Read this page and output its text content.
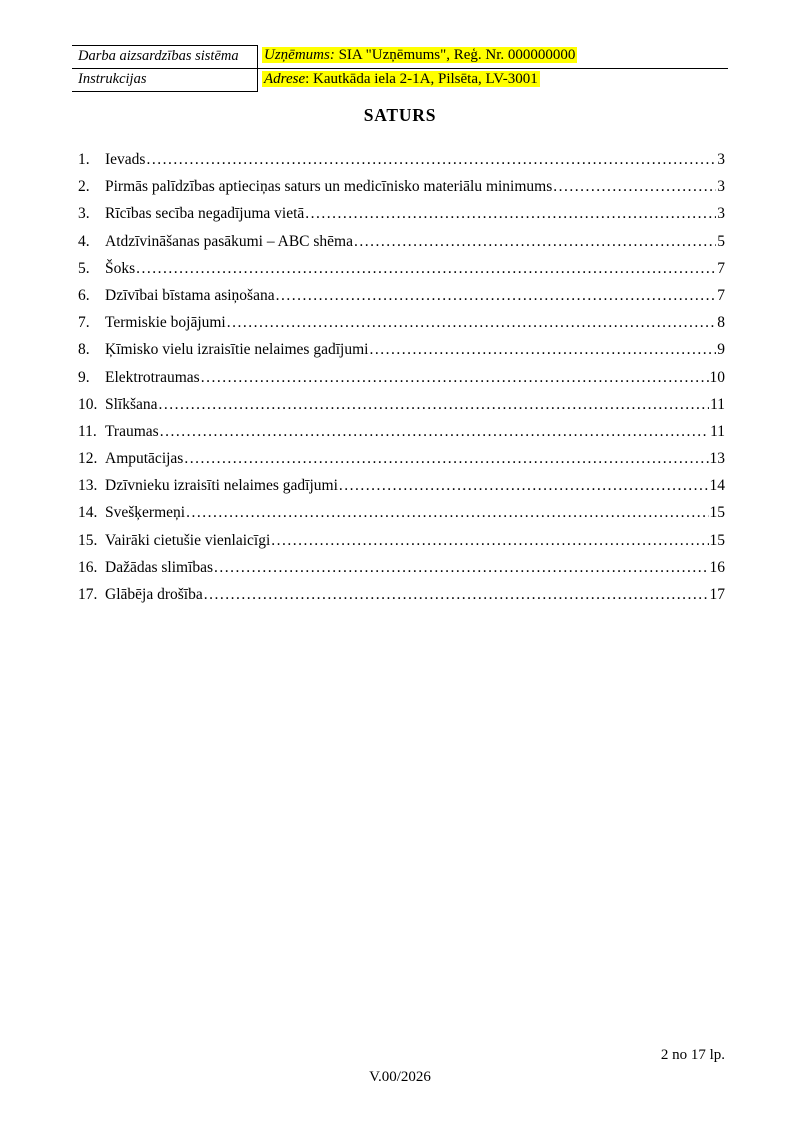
Darba aizsardzības sistēma	Uzņēmums: SIA "Uzņēmums", Reģ. Nr. 000000000
Instrukcijas	Adrese: Kautkāda iela 2-1A, Pilsēta, LV-3001
SATURS
1. Ievads .....	3
2. Pirmās palīdzības aptieciņas saturs un medicīnisko materiālu minimums .....	3
3. Rīcības secība negadījuma vietā .....	3
4. Atdzīvināšanas pasākumi – ABC shēma .....	5
5. Šoks .....	7
6. Dzīvībai bīstama asiņošana .....	7
7. Termiskie bojājumi .....	8
8. Ķīmisko vielu izraisītie nelaimes gadījumi .....	9
9. Elektrotraumas .....	10
10. Slīkšana .....	11
11. Traumas .....	11
12. Amputācijas .....	13
13. Dzīvnieku izraisīti nelaimes gadījumi .....	14
14. Svešķermeņi .....	15
15. Vairāki cietušie vienlaicīgi .....	15
16. Dažādas slimības .....	16
17. Glābēja drošība .....	17
2 no 17 lp.
V.00/2026
